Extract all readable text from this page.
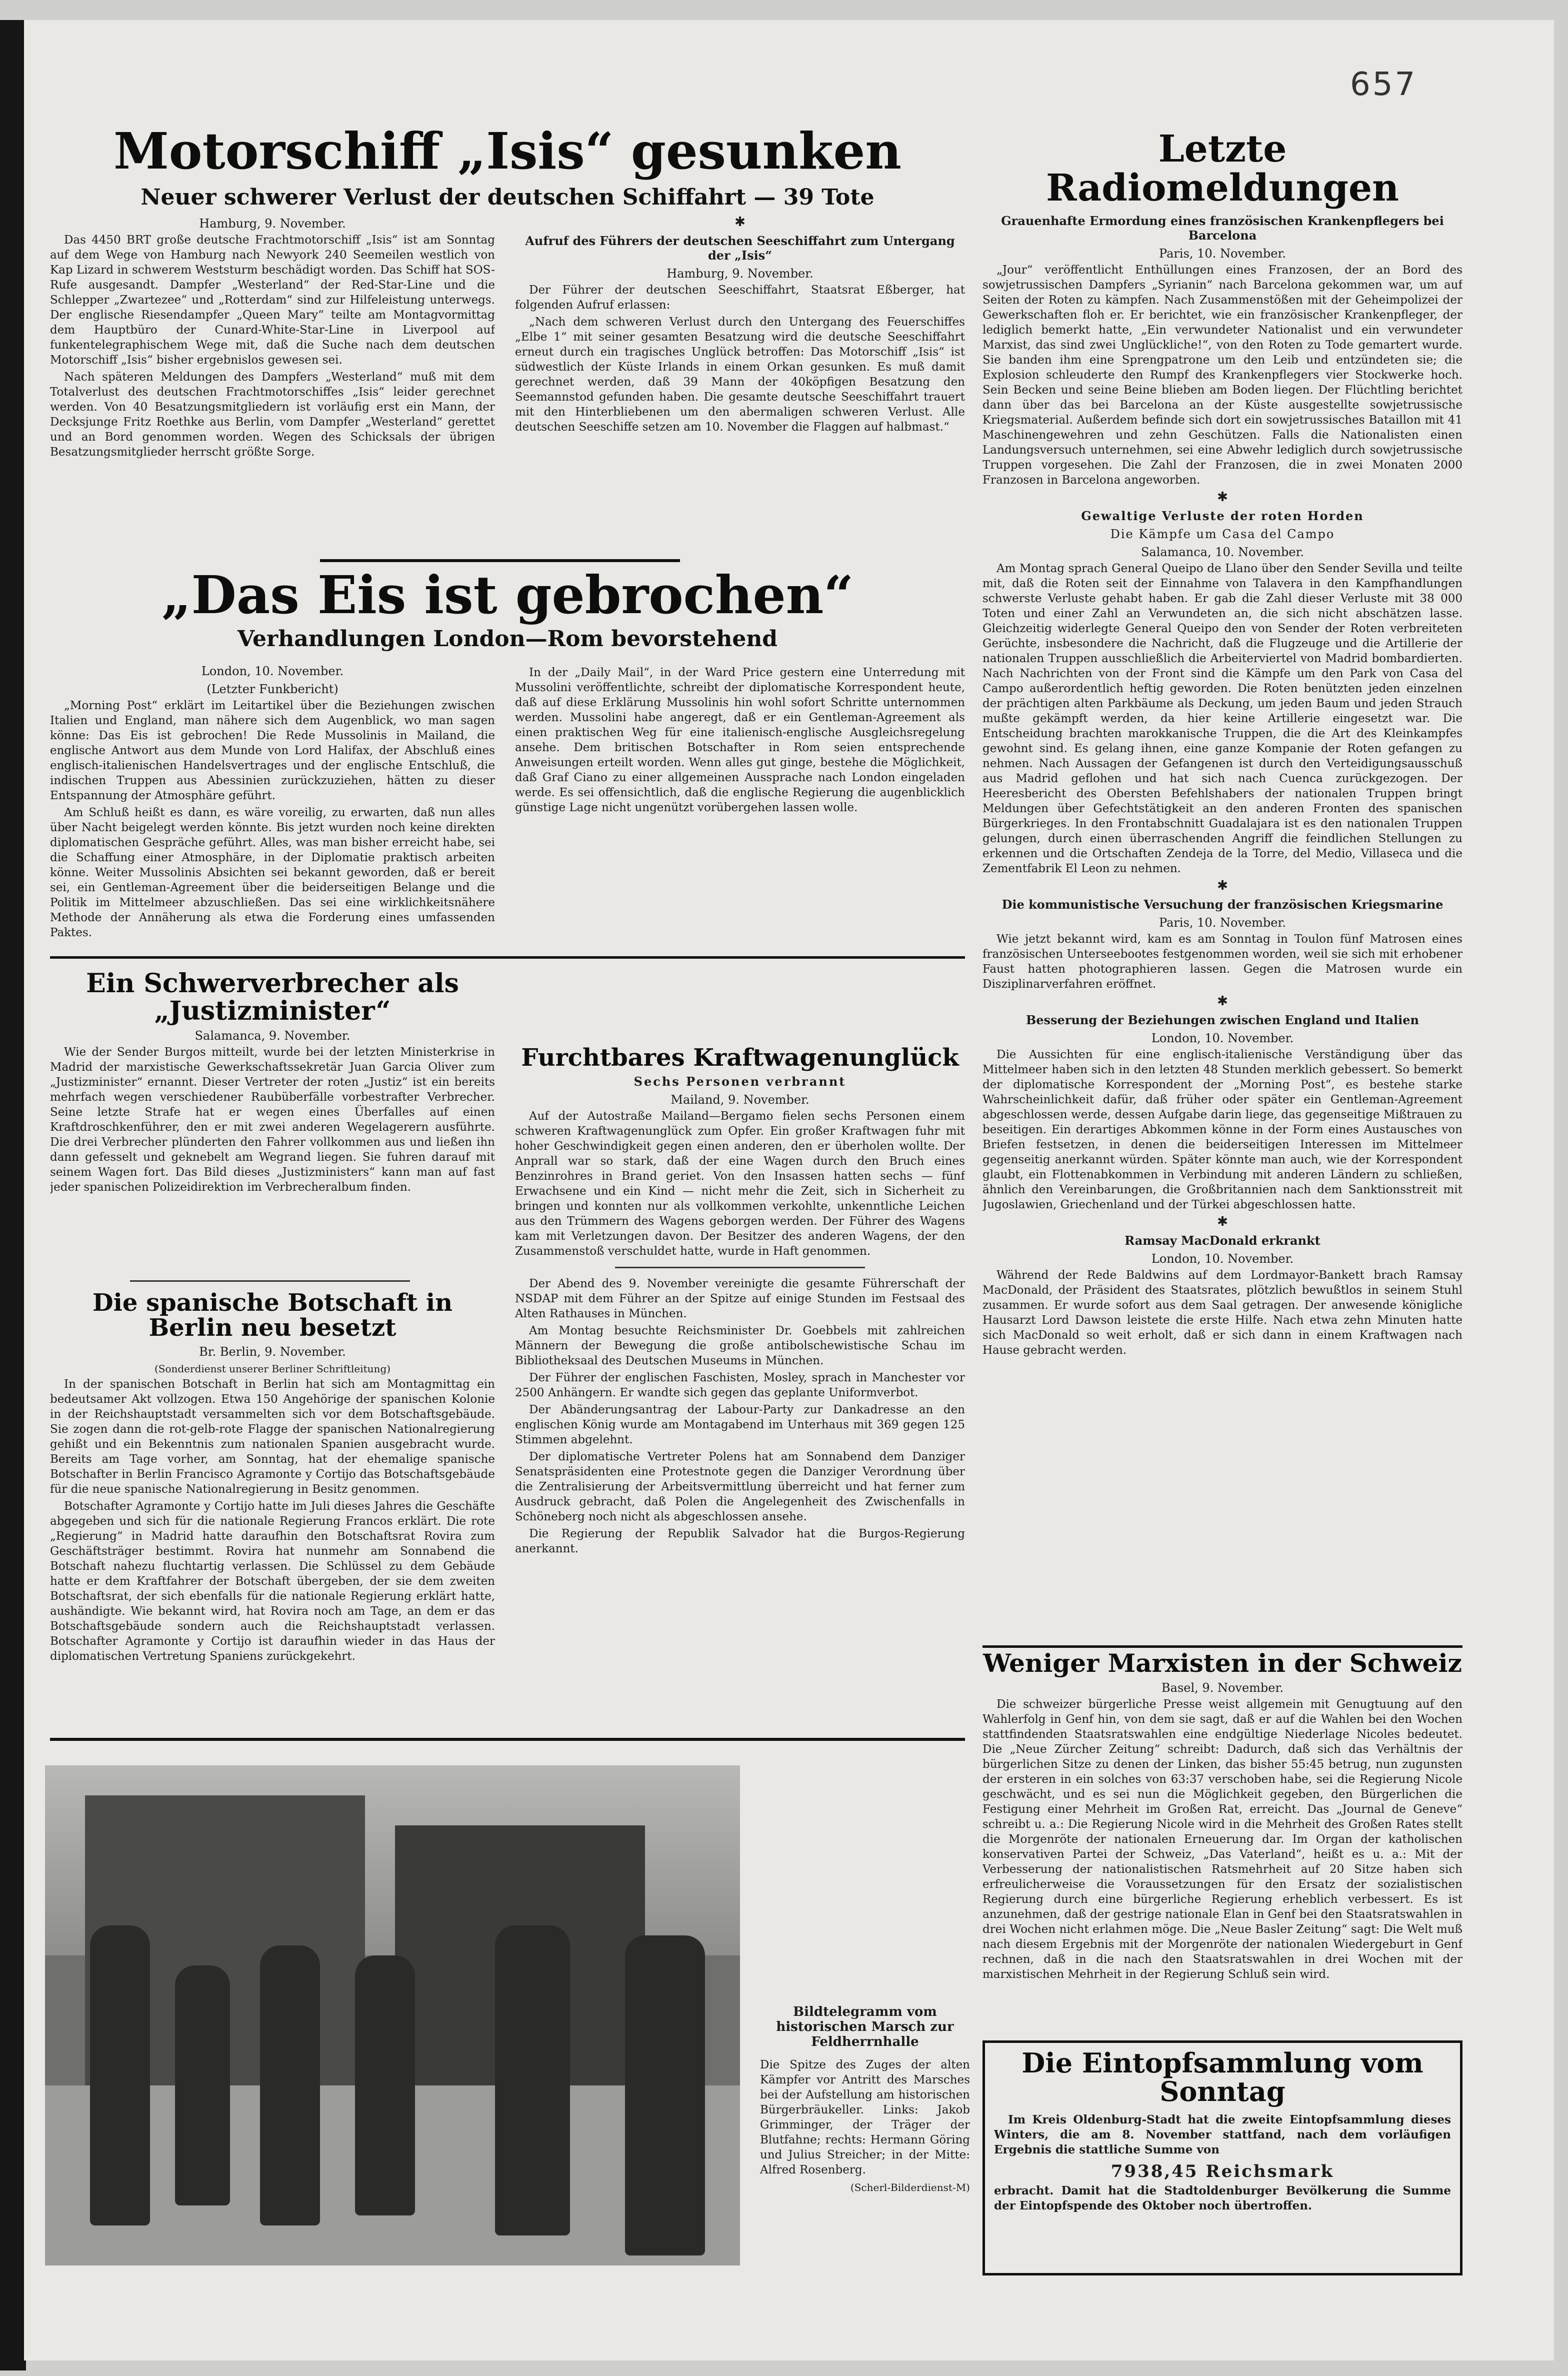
657
Motorschiff „Isis“ gesunken
Neuer schwerer Verlust der deutschen Schiffahrt — 39 Tote
Hamburg, 9. November.

Das 4450 BRT große deutsche Frachtmotorschiff „Isis“ ist am Sonntag auf dem Wege von Hamburg nach Newyork 240 Seemeilen westlich von Kap Lizard in schwerem Weststurm beschädigt worden. Das Schiff hat SOS-Rufe ausgesandt. Dampfer „Westerland“ der Red-Star-Line und die Schlepper „Zwartezee“ und „Rotterdam“ sind zur Hilfeleistung unterwegs. Der englische Riesendampfer „Queen Mary“ teilte am Montagvormittag dem Hauptbüro der Cunard-White-Star-Line in Liverpool auf funkentelegraphischem Wege mit, daß die Suche nach dem deutschen Motorschiff „Isis“ bisher ergebnislos gewesen sei.

Nach späteren Meldungen des Dampfers „Westerland“ muß mit dem Totalverlust des deutschen Frachtmotorschiffes „Isis“ leider gerechnet werden. Von 40 Besatzungsmitgliedern ist vorläufig erst ein Mann, der Decksjunge Fritz Roethke aus Berlin, vom Dampfer „Westerland“ gerettet und an Bord genommen worden. Wegen des Schicksals der übrigen Besatzungsmitglieder herrscht größte Sorge.

✱
Aufruf des Führers der deutschen Seeschiffahrt zum Untergang der „Isis“
Hamburg, 9. November.

Der Führer der deutschen Seeschiffahrt, Staatsrat Eßberger, hat folgenden Aufruf erlassen:

„Nach dem schweren Verlust durch den Untergang des Feuerschiffes „Elbe 1“ mit seiner gesamten Besatzung wird die deutsche Seeschiffahrt erneut durch ein tragisches Unglück betroffen: Das Motorschiff „Isis“ ist südwestlich der Küste Irlands in einem Orkan gesunken. Es muß damit gerechnet werden, daß 39 Mann der 40köpfigen Besatzung den Seemannstod gefunden haben. Die gesamte deutsche Seeschiffahrt trauert mit den Hinterbliebenen um den abermaligen schweren Verlust. Alle deutschen Seeschiffe setzen am 10. November die Flaggen auf halbmast.“

„Das Eis ist gebrochen“
Verhandlungen London—Rom bevorstehend
London, 10. November.
(Letzter Funkbericht)

„Morning Post“ erklärt im Leitartikel über die Beziehungen zwischen Italien und England, man nähere sich dem Augenblick, wo man sagen könne: Das Eis ist gebrochen! Die Rede Mussolinis in Mailand, die englische Antwort aus dem Munde von Lord Halifax, der Abschluß eines englisch-italienischen Handelsvertrages und der englische Entschluß, die indischen Truppen aus Abessinien zurückzuziehen, hätten zu dieser Entspannung der Atmosphäre geführt.

Am Schluß heißt es dann, es wäre voreilig, zu erwarten, daß nun alles über Nacht beigelegt werden könnte. Bis jetzt wurden noch keine direkten diplomatischen Gespräche geführt. Alles, was man bisher erreicht habe, sei die Schaffung einer Atmosphäre, in der Diplomatie praktisch arbeiten könne. Weiter Mussolinis Absichten sei bekannt geworden, daß er bereit sei, ein Gentleman-Agreement über die beiderseitigen Belange und die Politik im Mittelmeer abzuschließen. Das sei eine wirklichkeitsnähere Methode der Annäherung als etwa die Forderung eines umfassenden Paktes.

In der „Daily Mail“, in der Ward Price gestern eine Unterredung mit Mussolini veröffentlichte, schreibt der diplomatische Korrespondent heute, daß auf diese Erklärung Mussolinis hin wohl sofort Schritte unternommen werden. Mussolini habe angeregt, daß er ein Gentleman-Agreement als einen praktischen Weg für eine italienisch-englische Ausgleichsregelung ansehe. Dem britischen Botschafter in Rom seien entsprechende Anweisungen erteilt worden. Wenn alles gut ginge, bestehe die Möglichkeit, daß Graf Ciano zu einer allgemeinen Aussprache nach London eingeladen werde. Es sei offensichtlich, daß die englische Regierung die augenblicklich günstige Lage nicht ungenützt vorübergehen lassen wolle.

Ein Schwerverbrecher als „Justizminister“
Salamanca, 9. November.

Wie der Sender Burgos mitteilt, wurde bei der letzten Ministerkrise in Madrid der marxistische Gewerkschaftssekretär Juan Garcia Oliver zum „Justizminister“ ernannt. Dieser Vertreter der roten „Justiz“ ist ein bereits mehrfach wegen verschiedener Raubüberfälle vorbestrafter Verbrecher. Seine letzte Strafe hat er wegen eines Überfalles auf einen Kraftdroschkenführer, den er mit zwei anderen Wegelagerern ausführte. Die drei Verbrecher plünderten den Fahrer vollkommen aus und ließen ihn dann gefesselt und geknebelt am Wegrand liegen. Sie fuhren darauf mit seinem Wagen fort. Das Bild dieses „Justizministers“ kann man auf fast jeder spanischen Polizeidirektion im Verbrecheralbum finden.

Die spanische Botschaft in Berlin neu besetzt
Br. Berlin, 9. November.
(Sonderdienst unserer Berliner Schriftleitung)

In der spanischen Botschaft in Berlin hat sich am Montagmittag ein bedeutsamer Akt vollzogen. Etwa 150 Angehörige der spanischen Kolonie in der Reichshauptstadt versammelten sich vor dem Botschaftsgebäude. Sie zogen dann die rot-gelb-rote Flagge der spanischen Nationalregierung gehißt und ein Bekenntnis zum nationalen Spanien ausgebracht wurde. Bereits am Tage vorher, am Sonntag, hat der ehemalige spanische Botschafter in Berlin Francisco Agramonte y Cortijo das Botschaftsgebäude für die neue spanische Nationalregierung in Besitz genommen.

Botschafter Agramonte y Cortijo hatte im Juli dieses Jahres die Geschäfte abgegeben und sich für die nationale Regierung Francos erklärt. Die rote „Regierung“ in Madrid hatte daraufhin den Botschaftsrat Rovira zum Geschäftsträger bestimmt. Rovira hat nunmehr am Sonnabend die Botschaft nahezu fluchtartig verlassen. Die Schlüssel zu dem Gebäude hatte er dem Kraftfahrer der Botschaft übergeben, der sie dem zweiten Botschaftsrat, der sich ebenfalls für die nationale Regierung erklärt hatte, aushändigte. Wie bekannt wird, hat Rovira noch am Tage, an dem er das Botschaftsgebäude sondern auch die Reichshauptstadt verlassen. Botschafter Agramonte y Cortijo ist daraufhin wieder in das Haus der diplomatischen Vertretung Spaniens zurückgekehrt.

Furchtbares Kraftwagenunglück
Sechs Personen verbrannt
Mailand, 9. November.

Auf der Autostraße Mailand—Bergamo fielen sechs Personen einem schweren Kraftwagenunglück zum Opfer. Ein großer Kraftwagen fuhr mit hoher Geschwindigkeit gegen einen anderen, den er überholen wollte. Der Anprall war so stark, daß der eine Wagen durch den Bruch eines Benzinrohres in Brand geriet. Von den Insassen hatten sechs — fünf Erwachsene und ein Kind — nicht mehr die Zeit, sich in Sicherheit zu bringen und konnten nur als vollkommen verkohlte, unkenntliche Leichen aus den Trümmern des Wagens geborgen werden. Der Führer des Wagens kam mit Verletzungen davon. Der Besitzer des anderen Wagens, der den Zusammenstoß verschuldet hatte, wurde in Haft genommen.

Der Abend des 9. November vereinigte die gesamte Führerschaft der NSDAP mit dem Führer an der Spitze auf einige Stunden im Festsaal des Alten Rathauses in München.

Am Montag besuchte Reichsminister Dr. Goebbels mit zahlreichen Männern der Bewegung die große antibolschewistische Schau im Bibliotheksaal des Deutschen Museums in München.

Der Führer der englischen Faschisten, Mosley, sprach in Manchester vor 2500 Anhängern. Er wandte sich gegen das geplante Uniformverbot.

Der Abänderungsantrag der Labour-Party zur Dankadresse an den englischen König wurde am Montagabend im Unterhaus mit 369 gegen 125 Stimmen abgelehnt.

Der diplomatische Vertreter Polens hat am Sonnabend dem Danziger Senatspräsidenten eine Protestnote gegen die Danziger Verordnung über die Zentralisierung der Arbeitsvermittlung überreicht und hat ferner zum Ausdruck gebracht, daß Polen die Angelegenheit des Zwischenfalls in Schöneberg noch nicht als abgeschlossen ansehe.

Die Regierung der Republik Salvador hat die Burgos-Regierung anerkannt.

Bildtelegramm vom historischen Marsch zur Feldherrnhalle

Die Spitze des Zuges der alten Kämpfer vor Antritt des Marsches bei der Aufstellung am historischen Bürgerbräukeller. Links: Jakob Grimminger, der Träger der Blutfahne; rechts: Hermann Göring und Julius Streicher; in der Mitte: Alfred Rosenberg.

(Scherl-Bilderdienst-M)
Letzte Radiomeldungen
Grauenhafte Ermordung eines französischen Krankenpflegers bei Barcelona
Paris, 10. November.

„Jour“ veröffentlicht Enthüllungen eines Franzosen, der an Bord des sowjetrussischen Dampfers „Syrianin“ nach Barcelona gekommen war, um auf Seiten der Roten zu kämpfen. Nach Zusammenstößen mit der Geheimpolizei der Gewerkschaften floh er. Er berichtet, wie ein französischer Krankenpfleger, der lediglich bemerkt hatte, „Ein verwundeter Nationalist und ein verwundeter Marxist, das sind zwei Unglückliche!“, von den Roten zu Tode gemartert wurde. Sie banden ihm eine Sprengpatrone um den Leib und entzündeten sie; die Explosion schleuderte den Rumpf des Krankenpflegers vier Stockwerke hoch. Sein Becken und seine Beine blieben am Boden liegen. Der Flüchtling berichtet dann über das bei Barcelona an der Küste ausgestellte sowjetrussische Kriegsmaterial. Außerdem befinde sich dort ein sowjetrussisches Bataillon mit 41 Maschinengewehren und zehn Geschützen. Falls die Nationalisten einen Landungsversuch unternehmen, sei eine Abwehr lediglich durch sowjetrussische Truppen vorgesehen. Die Zahl der Franzosen, die in zwei Monaten 2000 Franzosen in Barcelona angeworben.

✱
Gewaltige Verluste der roten Horden
Die Kämpfe um Casa del Campo
Salamanca, 10. November.

Am Montag sprach General Queipo de Llano über den Sender Sevilla und teilte mit, daß die Roten seit der Einnahme von Talavera in den Kampfhandlungen schwerste Verluste gehabt haben. Er gab die Zahl dieser Verluste mit 38 000 Toten und einer Zahl an Verwundeten an, die sich nicht abschätzen lasse. Gleichzeitig widerlegte General Queipo den von Sender der Roten verbreiteten Gerüchte, insbesondere die Nachricht, daß die Flugzeuge und die Artillerie der nationalen Truppen ausschließlich die Arbeiterviertel von Madrid bombardierten. Nach Nachrichten von der Front sind die Kämpfe um den Park von Casa del Campo außerordentlich heftig geworden. Die Roten benützten jeden einzelnen der prächtigen alten Parkbäume als Deckung, um jeden Baum und jeden Strauch mußte gekämpft werden, da hier keine Artillerie eingesetzt war. Die Entscheidung brachten marokkanische Truppen, die die Art des Kleinkampfes gewohnt sind. Es gelang ihnen, eine ganze Kompanie der Roten gefangen zu nehmen. Nach Aussagen der Gefangenen ist durch den Verteidigungsausschuß aus Madrid geflohen und hat sich nach Cuenca zurückgezogen. Der Heeresbericht des Obersten Befehlshabers der nationalen Truppen bringt Meldungen über Gefechtstätigkeit an den anderen Fronten des spanischen Bürgerkrieges. In den Frontabschnitt Guadalajara ist es den nationalen Truppen gelungen, durch einen überraschenden Angriff die feindlichen Stellungen zu erkennen und die Ortschaften Zendeja de la Torre, del Medio, Villaseca und die Zementfabrik El Leon zu nehmen.

✱
Die kommunistische Versuchung der französischen Kriegsmarine
Paris, 10. November.

Wie jetzt bekannt wird, kam es am Sonntag in Toulon fünf Matrosen eines französischen Unterseebootes festgenommen worden, weil sie sich mit erhobener Faust hatten photographieren lassen. Gegen die Matrosen wurde ein Disziplinarverfahren eröffnet.

✱
Besserung der Beziehungen zwischen England und Italien
London, 10. November.

Die Aussichten für eine englisch-italienische Verständigung über das Mittelmeer haben sich in den letzten 48 Stunden merklich gebessert. So bemerkt der diplomatische Korrespondent der „Morning Post“, es bestehe starke Wahrscheinlichkeit dafür, daß früher oder später ein Gentleman-Agreement abgeschlossen werde, dessen Aufgabe darin liege, das gegenseitige Mißtrauen zu beseitigen. Ein derartiges Abkommen könne in der Form eines Austausches von Briefen festsetzen, in denen die beiderseitigen Interessen im Mittelmeer gegenseitig anerkannt würden. Später könnte man auch, wie der Korrespondent glaubt, ein Flottenabkommen in Verbindung mit anderen Ländern zu schließen, ähnlich den Vereinbarungen, die Großbritannien nach dem Sanktionsstreit mit Jugoslawien, Griechenland und der Türkei abgeschlossen hatte.

✱
Ramsay MacDonald erkrankt
London, 10. November.

Während der Rede Baldwins auf dem Lordmayor-Bankett brach Ramsay MacDonald, der Präsident des Staatsrates, plötzlich bewußtlos in seinem Stuhl zusammen. Er wurde sofort aus dem Saal getragen. Der anwesende königliche Hausarzt Lord Dawson leistete die erste Hilfe. Nach etwa zehn Minuten hatte sich MacDonald so weit erholt, daß er sich dann in einem Kraftwagen nach Hause gebracht werden.

Weniger Marxisten in der Schweiz
Basel, 9. November.

Die schweizer bürgerliche Presse weist allgemein mit Genugtuung auf den Wahlerfolg in Genf hin, von dem sie sagt, daß er auf die Wahlen bei den Wochen stattfindenden Staatsratswahlen eine endgültige Niederlage Nicoles bedeutet. Die „Neue Zürcher Zeitung“ schreibt: Dadurch, daß sich das Verhältnis der bürgerlichen Sitze zu denen der Linken, das bisher 55:45 betrug, nun zugunsten der ersteren in ein solches von 63:37 verschoben habe, sei die Regierung Nicole geschwächt, und es sei nun die Möglichkeit gegeben, den Bürgerlichen die Festigung einer Mehrheit im Großen Rat, erreicht. Das „Journal de Geneve“ schreibt u. a.: Die Regierung Nicole wird in die Mehrheit des Großen Rates stellt die Morgenröte der nationalen Erneuerung dar. Im Organ der katholischen konservativen Partei der Schweiz, „Das Vaterland“, heißt es u. a.: Mit der Verbesserung der nationalistischen Ratsmehrheit auf 20 Sitze haben sich erfreulicherweise die Voraussetzungen für den Ersatz der sozialistischen Regierung durch eine bürgerliche Regierung erheblich verbessert. Es ist anzunehmen, daß der gestrige nationale Elan in Genf bei den Staatsratswahlen in drei Wochen nicht erlahmen möge. Die „Neue Basler Zeitung“ sagt: Die Welt muß nach diesem Ergebnis mit der Morgenröte der nationalen Wiedergeburt in Genf rechnen, daß in die nach den Staatsratswahlen in drei Wochen mit der marxistischen Mehrheit in der Regierung Schluß sein wird.

Die Eintopfsammlung vom Sonntag

Im Kreis Oldenburg-Stadt hat die zweite Eintopfsammlung dieses Winters, die am 8. November stattfand, nach dem vorläufigen Ergebnis die stattliche Summe von

7938,45 Reichsmark

erbracht. Damit hat die Stadtoldenburger Bevölkerung die Summe der Eintopfspende des Oktober noch übertroffen.
